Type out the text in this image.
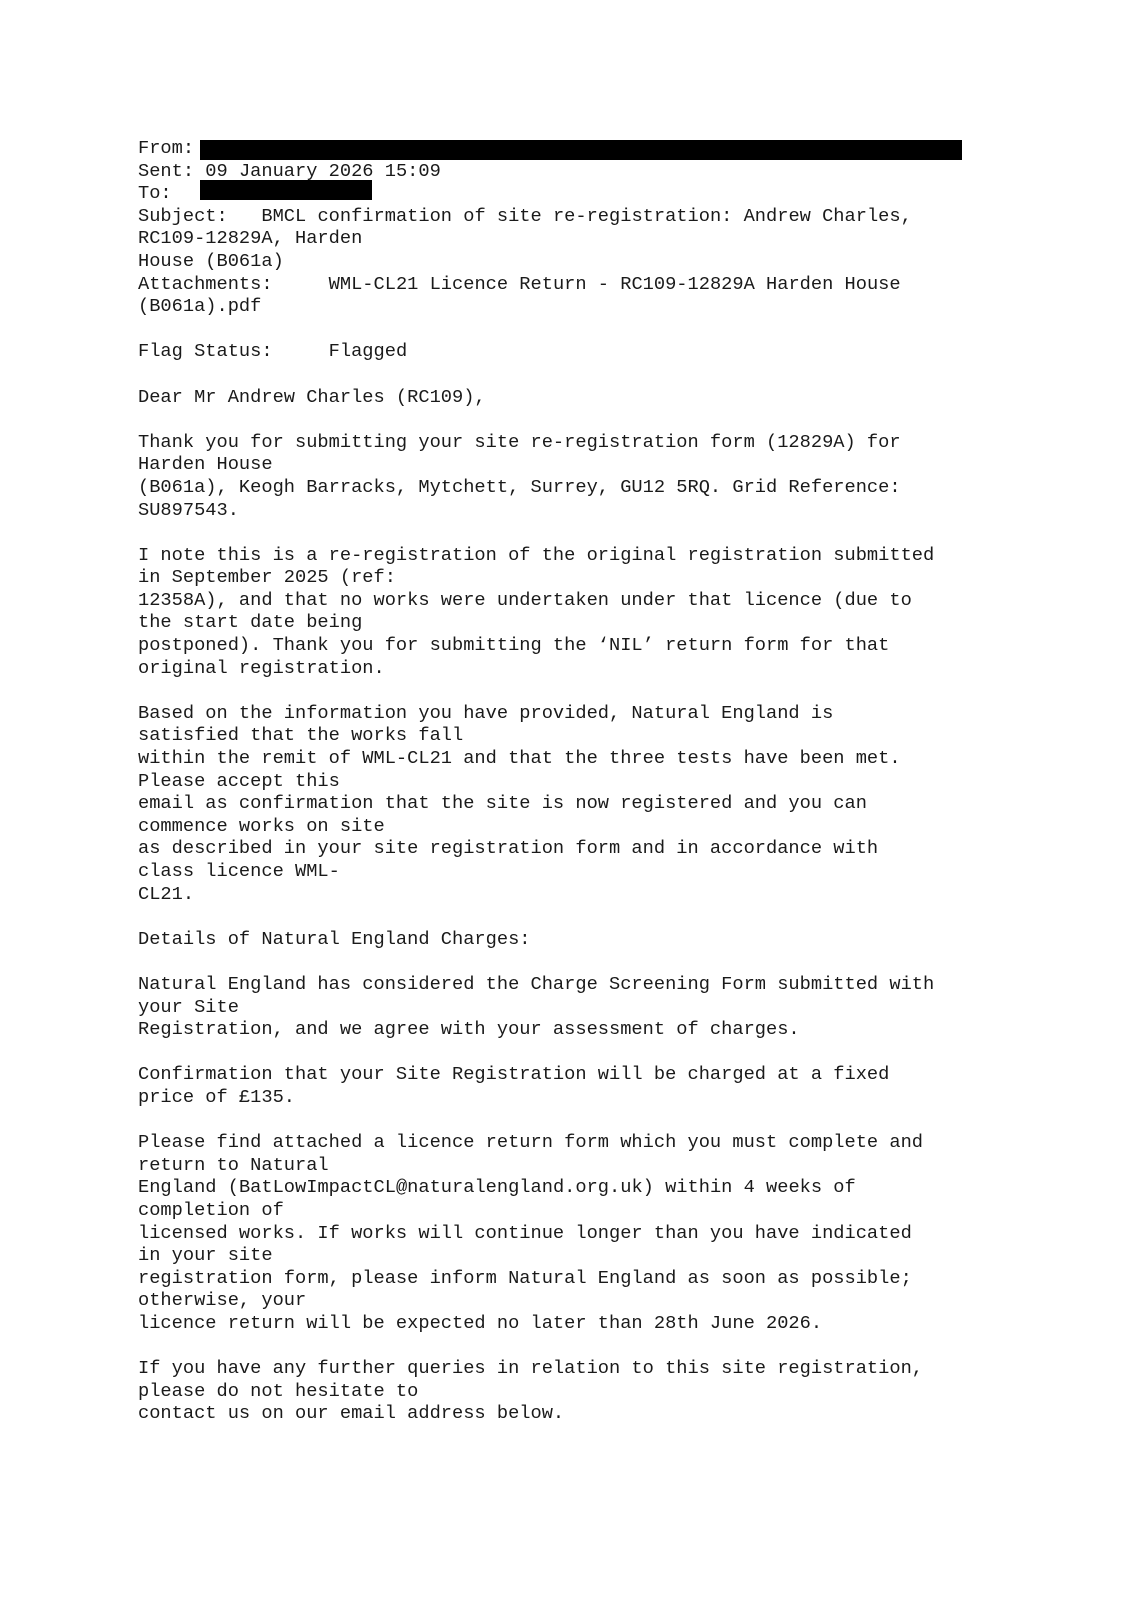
From:
Sent: 09 January 2026 15:09
To:
Subject: BMCL confirmation of site re-registration: Andrew Charles,
RC109-12829A, Harden
House (B061a)
Attachments:	WML-CL21 Licence Return - RC109-12829A Harden House
(B061a).pdf
Flag Status:	Flagged
Dear Mr Andrew Charles (RC109),
Thank you for submitting your site re-registration form (12829A) for
Harden House
(B061a), Keogh Barracks, Mytchett, Surrey, GU12 5RQ. Grid Reference:
SU897543.
I note this is a re-registration of the original registration submitted
in September 2025 (ref:
12358A), and that no works were undertaken under that licence (due to
the start date being
postponed). Thank you for submitting the ‘NIL’ return form for that
original registration.
Based on the information you have provided, Natural England is
satisfied that the works fall
within the remit of WML-CL21 and that the three tests have been met.
Please accept this
email as confirmation that the site is now registered and you can
commence works on site
as described in your site registration form and in accordance with
class licence WML-
CL21.
Details of Natural England Charges:
Natural England has considered the Charge Screening Form submitted with
your Site
Registration, and we agree with your assessment of charges.
Confirmation that your Site Registration will be charged at a fixed
price of £135.
Please find attached a licence return form which you must complete and
return to Natural
England (BatLowImpactCL@naturalengland.org.uk) within 4 weeks of
completion of
licensed works. If works will continue longer than you have indicated
in your site
registration form, please inform Natural England as soon as possible;
otherwise, your
licence return will be expected no later than 28th June 2026.
If you have any further queries in relation to this site registration,
please do not hesitate to
contact us on our email address below.
